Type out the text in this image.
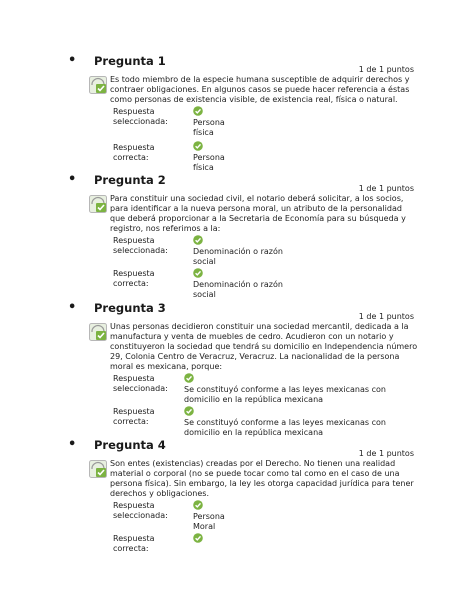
• Pregunta 1
1 de 1 puntos
Es todo miembro de la especie humana susceptible de adquirir derechos y contraer obligaciones. En algunos casos se puede hacer referencia a éstas como personas de existencia visible, de existencia real, física o natural.
Respuesta seleccionada:	Persona física
Respuesta correcta:	Persona física
• Pregunta 2
1 de 1 puntos
Para constituir una sociedad civil, el notario deberá solicitar, a los socios, para identificar a la nueva persona moral, un atributo de la personalidad que deberá proporcionar a la Secretaria de Economía para su búsqueda y registro, nos referimos a la:
Respuesta seleccionada:	Denominación o razón social
Respuesta correcta:	Denominación o razón social
• Pregunta 3
1 de 1 puntos
Unas personas decidieron constituir una sociedad mercantil, dedicada a la manufactura y venta de muebles de cedro. Acudieron con un notario y constituyeron la sociedad que tendrá su domicilio en Independencia número 29, Colonia Centro de Veracruz, Veracruz. La nacionalidad de la persona moral es mexicana, porque:
Respuesta seleccionada:	Se constituyó conforme a las leyes mexicanas con domicilio en la república mexicana
Respuesta correcta:	Se constituyó conforme a las leyes mexicanas con domicilio en la república mexicana
• Pregunta 4
1 de 1 puntos
Son entes (existencias) creadas por el Derecho. No tienen una realidad material o corporal (no se puede tocar como tal como en el caso de una persona física). Sin embargo, la ley les otorga capacidad jurídica para tener derechos y obligaciones.
Respuesta seleccionada:	Persona Moral
Respuesta correcta:
